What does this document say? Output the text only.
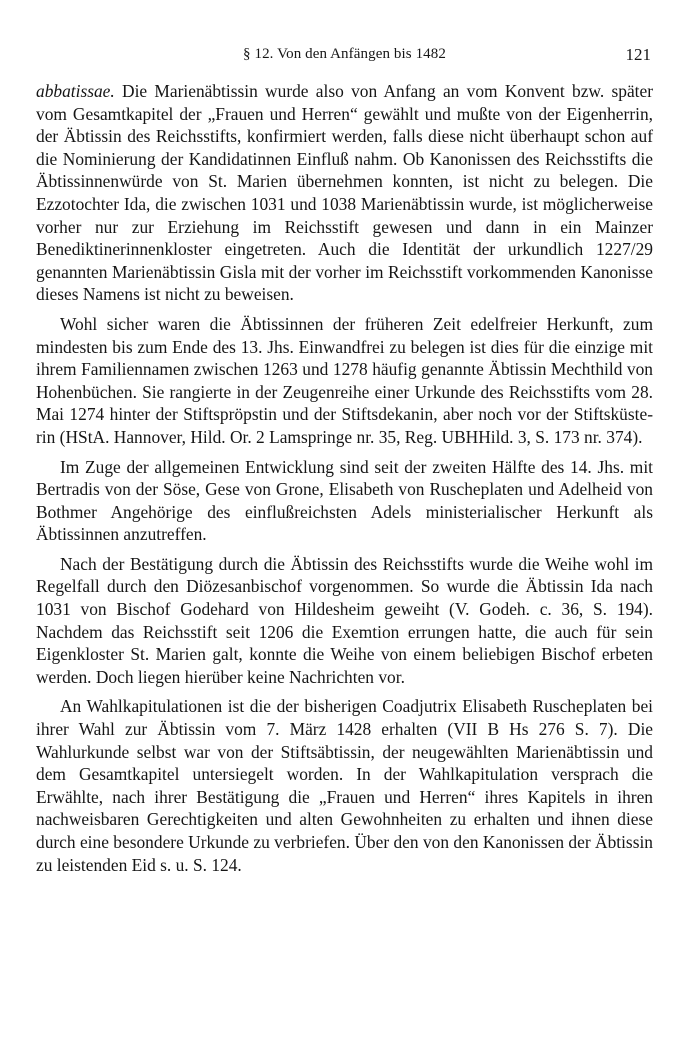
§ 12. Von den Anfängen bis 1482	121

abbatissae. Die Marienäbtissin wurde also von Anfang an vom Konvent bzw. später vom Gesamtkapitel der „Frauen und Herren“ gewählt und mußte von der Eigenherrin, der Äbtissin des Reichsstifts, konfirmiert werden, falls diese nicht überhaupt schon auf die Nominierung der Kandidatinnen Einfluß nahm. Ob Kanonissen des Reichsstifts die Äbtissinnenwürde von St. Marien übernehmen konnten, ist nicht zu belegen. Die Ezzotochter Ida, die zwischen 1031 und 1038 Marienäbtissin wurde, ist möglicherweise vorher nur zur Erziehung im Reichsstift gewesen und dann in ein Mainzer Benediktinerinnenkloster eingetreten. Auch die Identität der urkundlich 1227/29 genannten Marienäbtissin Gisla mit der vorher im Reichsstift vorkommenden Kanonisse dieses Namens ist nicht zu beweisen.

Wohl sicher waren die Äbtissinnen der früheren Zeit edelfreier Herkunft, zum mindesten bis zum Ende des 13. Jhs. Einwandfrei zu belegen ist dies für die einzige mit ihrem Familiennamen zwischen 1263 und 1278 häufig genannte Äbtissin Mechthild von Hohenbüchen. Sie rangierte in der Zeugenreihe einer Urkunde des Reichsstifts vom 28. Mai 1274 hinter der Stiftspröpstin und der Stiftsdekanin, aber noch vor der Stiftsküsterin (HStA. Hannover, Hild. Or. 2 Lamspringe nr. 35, Reg. UBHHild. 3, S. 173 nr. 374).

Im Zuge der allgemeinen Entwicklung sind seit der zweiten Hälfte des 14. Jhs. mit Bertradis von der Söse, Gese von Grone, Elisabeth von Ruscheplaten und Adelheid von Bothmer Angehörige des einflußreichsten Adels ministerialischer Herkunft als Äbtissinnen anzutreffen.

Nach der Bestätigung durch die Äbtissin des Reichsstifts wurde die Weihe wohl im Regelfall durch den Diözesanbischof vorgenommen. So wurde die Äbtissin Ida nach 1031 von Bischof Godehard von Hildesheim geweiht (V. Godeh. c. 36, S. 194). Nachdem das Reichsstift seit 1206 die Exemtion errungen hatte, die auch für sein Eigenkloster St. Marien galt, konnte die Weihe von einem beliebigen Bischof erbeten werden. Doch liegen hierüber keine Nachrichten vor.

An Wahlkapitulationen ist die der bisherigen Coadjutrix Elisabeth Ruscheplaten bei ihrer Wahl zur Äbtissin vom 7. März 1428 erhalten (VII B Hs 276 S. 7). Die Wahlurkunde selbst war von der Stiftsäbtissin, der neugewählten Marienäbtissin und dem Gesamtkapitel untersiegelt worden. In der Wahlkapitulation versprach die Erwählte, nach ihrer Bestätigung die „Frauen und Herren“ ihres Kapitels in ihren nachweisbaren Gerechtigkeiten und alten Gewohnheiten zu erhalten und ihnen diese durch eine besondere Urkunde zu verbriefen. Über den von den Kanonissen der Äbtissin zu leistenden Eid s. u. S. 124.
